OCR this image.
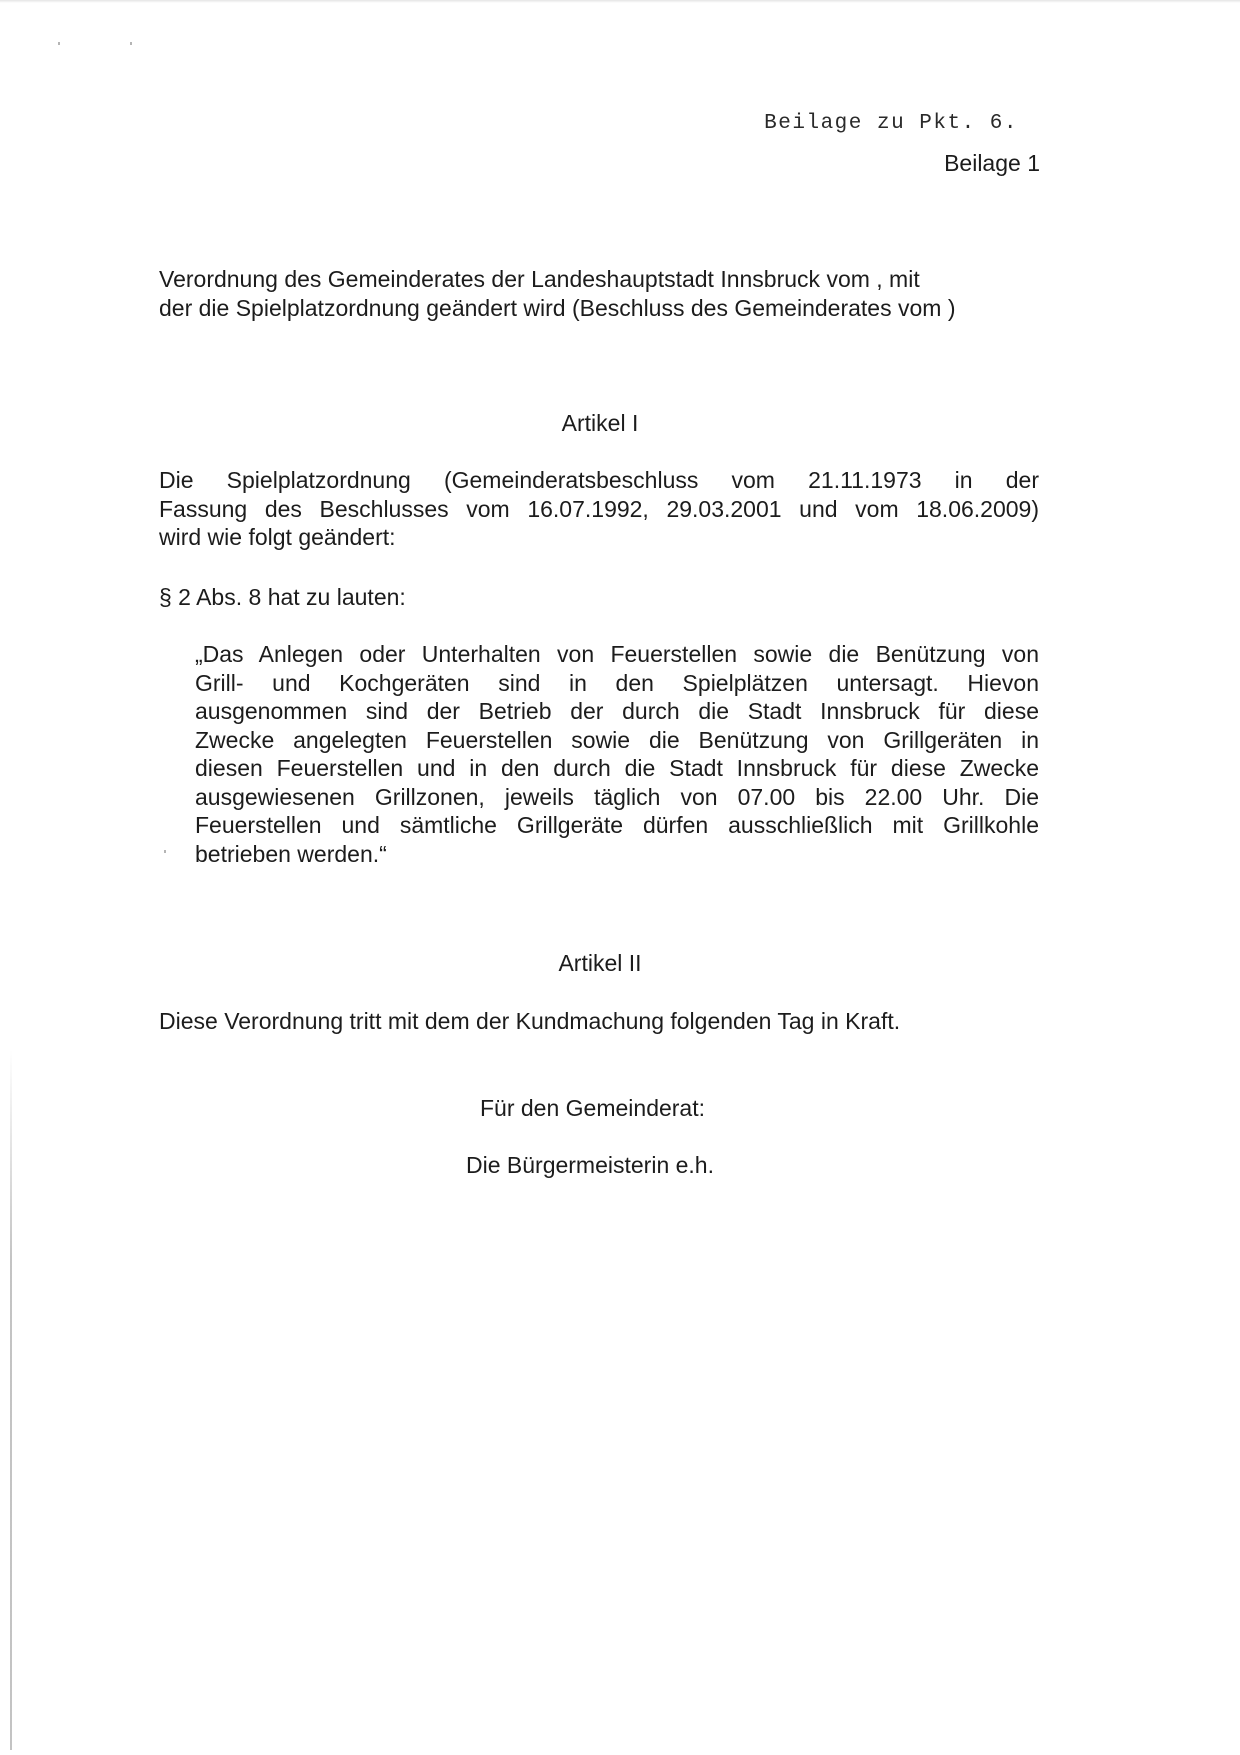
Beilage zu Pkt. 6.
Beilage 1
Verordnung des Gemeinderates der Landeshauptstadt Innsbruck vom , mit
der die Spielplatzordnung geändert wird (Beschluss des Gemeinderates vom )
Artikel I
Die Spielplatzordnung (Gemeinderatsbeschluss vom 21.11.1973 in der
Fassung des Beschlusses vom 16.07.1992, 29.03.2001 und vom 18.06.2009)
wird wie folgt geändert:
§ 2 Abs. 8 hat zu lauten:
„Das Anlegen oder Unterhalten von Feuerstellen sowie die Benützung von
Grill- und Kochgeräten sind in den Spielplätzen untersagt. Hievon
ausgenommen sind der Betrieb der durch die Stadt Innsbruck für diese
Zwecke angelegten Feuerstellen sowie die Benützung von Grillgeräten in
diesen Feuerstellen und in den durch die Stadt Innsbruck für diese Zwecke
ausgewiesenen Grillzonen, jeweils täglich von 07.00 bis 22.00 Uhr. Die
Feuerstellen und sämtliche Grillgeräte dürfen ausschließlich mit Grillkohle
betrieben werden.“
Artikel II
Diese Verordnung tritt mit dem der Kundmachung folgenden Tag in Kraft.
Für den Gemeinderat:
Die Bürgermeisterin e.h.
